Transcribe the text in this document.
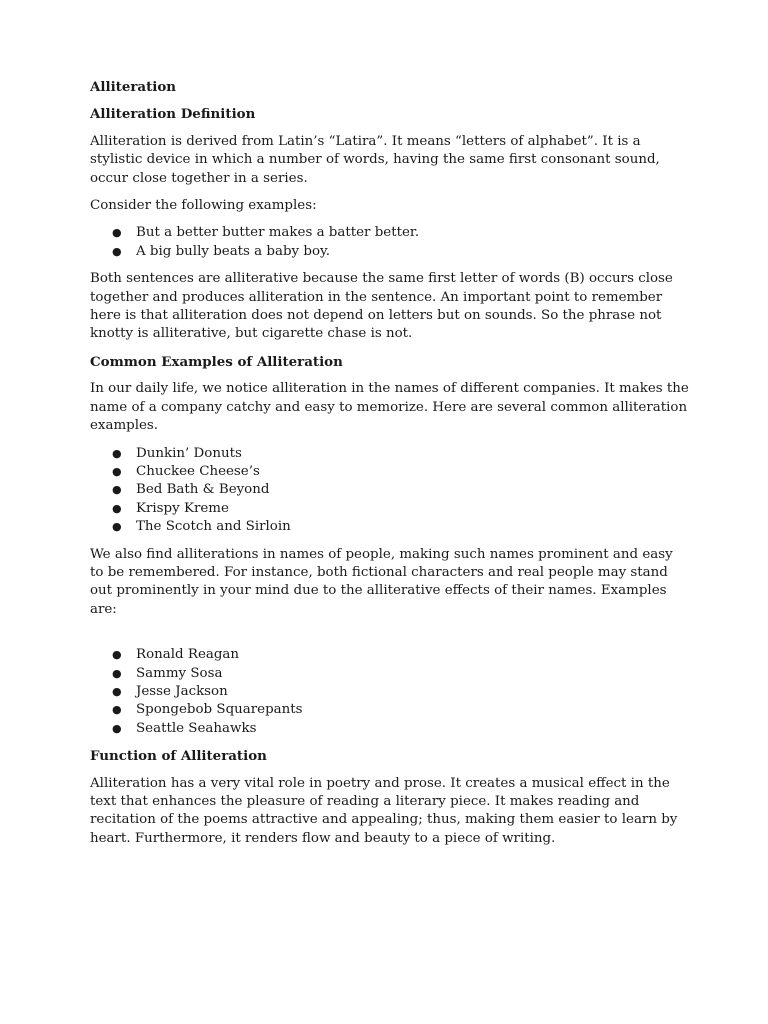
Alliteration
Alliteration Definition

Alliteration is derived from Latin’s “Latira”. It means “letters of alphabet”. It is a stylistic device in which a number of words, having the same first consonant sound, occur close together in a series.

Consider the following examples:

● But a better butter makes a batter better.
● A big bully beats a baby boy.

Both sentences are alliterative because the same first letter of words (B) occurs close together and produces alliteration in the sentence. An important point to remember here is that alliteration does not depend on letters but on sounds. So the phrase not knotty is alliterative, but cigarette chase is not.

Common Examples of Alliteration

In our daily life, we notice alliteration in the names of different companies. It makes the name of a company catchy and easy to memorize. Here are several common alliteration examples.

● Dunkin’ Donuts
● Chuckee Cheese’s
● Bed Bath & Beyond
● Krispy Kreme
● The Scotch and Sirloin

We also find alliterations in names of people, making such names prominent and easy to be remembered. For instance, both fictional characters and real people may stand out prominently in your mind due to the alliterative effects of their names. Examples are:

● Ronald Reagan
● Sammy Sosa
● Jesse Jackson
● Spongebob Squarepants
● Seattle Seahawks
Function of Alliteration

Alliteration has a very vital role in poetry and prose. It creates a musical effect in the text that enhances the pleasure of reading a literary piece. It makes reading and recitation of the poems attractive and appealing; thus, making them easier to learn by heart. Furthermore, it renders flow and beauty to a piece of writing.
